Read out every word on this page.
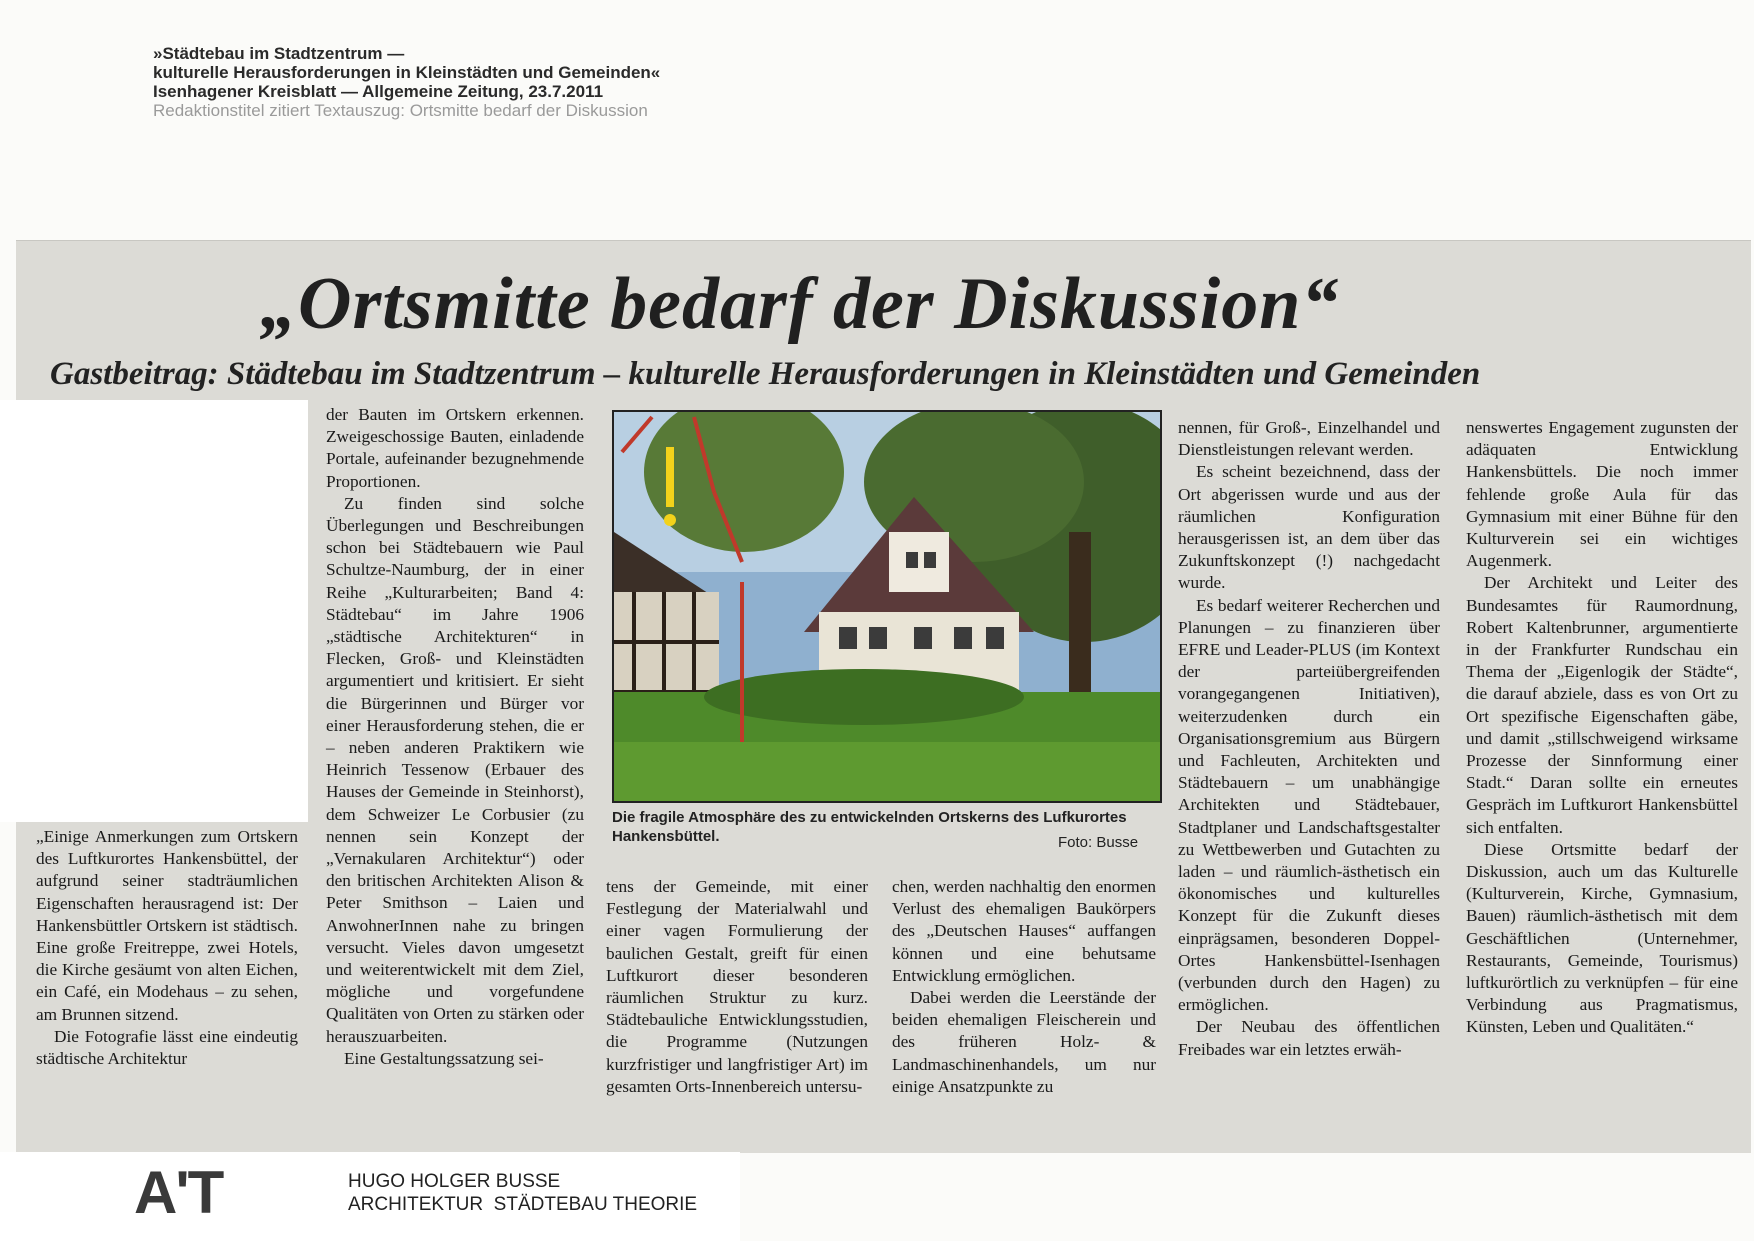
»Städtebau im Stadtzentrum —
kulturelle Herausforderungen in Kleinstädten und Gemeinden«
Isenhagener Kreisblatt — Allgemeine Zeitung, 23.7.2011
Redaktionstitel zitiert Textauszug: Ortsmitte bedarf der Diskussion
„Ortsmitte bedarf der Diskussion“
Gastbeitrag: Städtebau im Stadtzentrum – kulturelle Herausforderungen in Kleinstädten und Gemeinden

„Einige Anmerkungen zum Ortskern des Luftkurortes Hankensbüttel, der aufgrund seiner stadträumlichen Eigenschaften herausragend ist: Der Hankensbüttler Ortskern ist städtisch. Eine große Freitreppe, zwei Hotels, die Kirche gesäumt von alten Eichen, ein Café, ein Modehaus – zu sehen, am Brunnen sitzend.

Die Fotografie lässt eine eindeutig städtische Architektur

der Bauten im Ortskern erkennen. Zweigeschossige Bauten, einladende Portale, aufeinander bezugnehmende Proportionen.

Zu finden sind solche Überlegungen und Beschreibungen schon bei Städtebauern wie Paul Schultze-Naumburg, der in einer Reihe „Kulturarbeiten; Band 4: Städtebau“ im Jahre 1906 „städtische Architekturen“ in Flecken, Groß- und Kleinstädten argumentiert und kritisiert. Er sieht die Bürgerinnen und Bürger vor einer Herausforderung stehen, die er – neben anderen Praktikern wie Heinrich Tessenow (Erbauer des Hauses der Gemeinde in Steinhorst), dem Schweizer Le Corbusier (zu nennen sein Konzept der „Vernakularen Architektur“) oder den britischen Architekten Alison & Peter Smithson – Laien und AnwohnerInnen nahe zu bringen versucht. Vieles davon umgesetzt und weiterentwickelt mit dem Ziel, mögliche und vorgefundene Qualitäten von Orten zu stärken oder herauszuarbeiten.

Eine Gestaltungssatzung sei-

Die fragile Atmosphäre des zu entwickelnden Ortskerns des Lufkurortes Hankensbüttel.	Foto: Busse

tens der Gemeinde, mit einer Festlegung der Materialwahl und einer vagen Formulierung der baulichen Gestalt, greift für einen Luftkurort dieser besonderen räumlichen Struktur zu kurz. Städtebauliche Entwicklungsstudien, die Programme (Nutzungen kurzfristiger und langfristiger Art) im gesamten Orts-Innenbereich untersu-

chen, werden nachhaltig den enormen Verlust des ehemaligen Baukörpers des „Deutschen Hauses“ auffangen können und eine behutsame Entwicklung ermöglichen.

Dabei werden die Leerstände der beiden ehemaligen Fleischerein und des früheren Holz- & Landmaschinenhandels, um nur einige Ansatzpunkte zu

nennen, für Groß-, Einzelhandel und Dienstleistungen relevant werden.

Es scheint bezeichnend, dass der Ort abgerissen wurde und aus der räumlichen Konfiguration herausgerissen ist, an dem über das Zukunftskonzept (!) nachgedacht wurde.

Es bedarf weiterer Recherchen und Planungen – zu finanzieren über EFRE und Leader-PLUS (im Kontext der parteiübergreifenden vorangegangenen Initiativen), weiterzudenken durch ein Organisationsgremium aus Bürgern und Fachleuten, Architekten und Städtebauern – um unabhängige Architekten und Städtebauer, Stadtplaner und Landschaftsgestalter zu Wettbewerben und Gutachten zu laden – und räumlich-ästhetisch ein ökonomisches und kulturelles Konzept für die Zukunft dieses einprägsamen, besonderen Doppel-Ortes Hankensbüttel-Isenhagen (verbunden durch den Hagen) zu ermöglichen.

Der Neubau des öffentlichen Freibades war ein letztes erwäh-

nenswertes Engagement zugunsten der adäquaten Entwicklung Hankensbüttels. Die noch immer fehlende große Aula für das Gymnasium mit einer Bühne für den Kulturverein sei ein wichtiges Augenmerk.

Der Architekt und Leiter des Bundesamtes für Raumordnung, Robert Kaltenbrunner, argumentierte in der Frankfurter Rundschau ein Thema der „Eigenlogik der Städte“, die darauf abziele, dass es von Ort zu Ort spezifische Eigenschaften gäbe, und damit „stillschweigend wirksame Prozesse der Sinnformung einer Stadt.“ Daran sollte ein erneutes Gespräch im Luftkurort Hankensbüttel sich entfalten.

Diese Ortsmitte bedarf der Diskussion, auch um das Kulturelle (Kulturverein, Kirche, Gymnasium, Bauen) räumlich-ästhetisch mit dem Geschäftlichen (Unternehmer, Restaurants, Gemeinde, Tourismus) luftkurörtlich zu verknüpfen – für eine Verbindung aus Pragmatismus, Künsten, Leben und Qualitäten.“

A'T	HUGO HOLGER BUSSE
ARCHITEKTUR  STÄDTEBAU THEORIE
